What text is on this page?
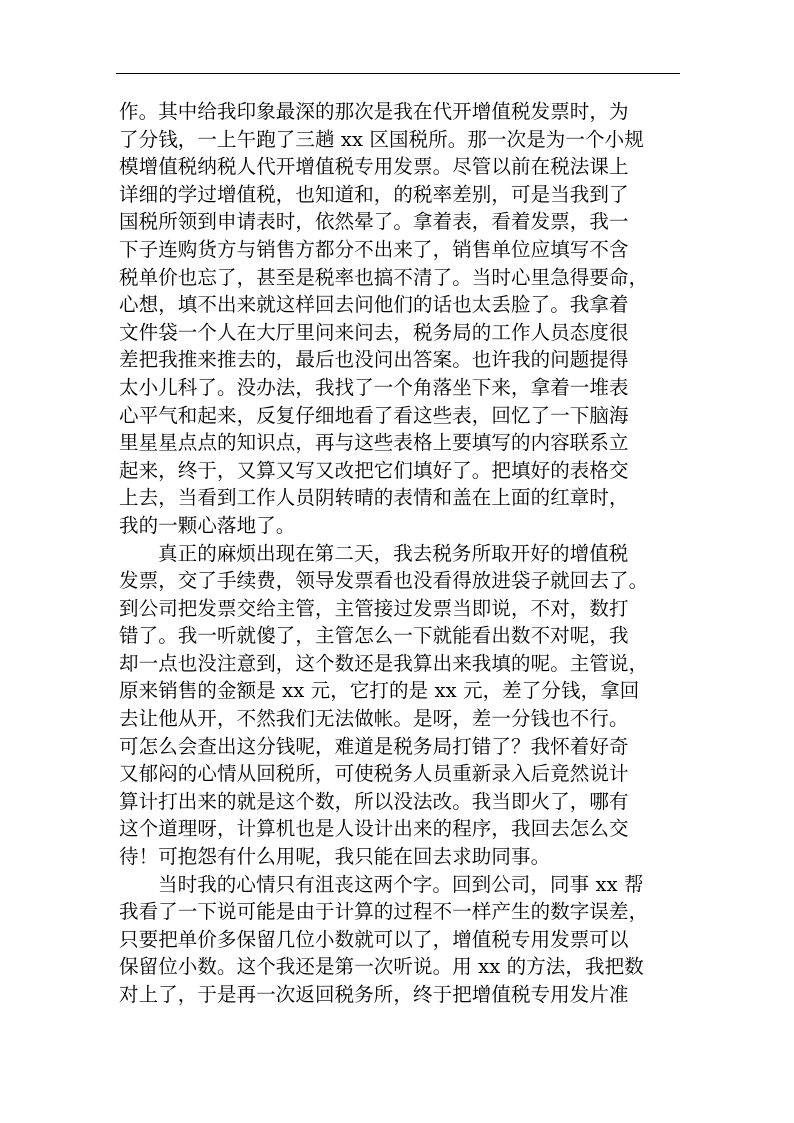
作。其中给我印象最深的那次是我在代开增值税发票时，为
了分钱，一上午跑了三趟 xx 区国税所。那一次是为一个小规
模增值税纳税人代开增值税专用发票。尽管以前在税法课上
详细的学过增值税，也知道和，的税率差别，可是当我到了
国税所领到申请表时，依然晕了。拿着表，看着发票，我一
下子连购货方与销售方都分不出来了，销售单位应填写不含
税单价也忘了，甚至是税率也搞不清了。当时心里急得要命，
心想，填不出来就这样回去问他们的话也太丢脸了。我拿着
文件袋一个人在大厅里问来问去，税务局的工作人员态度很
差把我推来推去的，最后也没问出答案。也许我的问题提得
太小儿科了。没办法，我找了一个角落坐下来，拿着一堆表
心平气和起来，反复仔细地看了看这些表，回忆了一下脑海
里星星点点的知识点，再与这些表格上要填写的内容联系立
起来，终于，又算又写又改把它们填好了。把填好的表格交
上去，当看到工作人员阴转晴的表情和盖在上面的红章时，
我的一颗心落地了。
真正的麻烦出现在第二天，我去税务所取开好的增值税
发票，交了手续费，领导发票看也没看得放进袋子就回去了。
到公司把发票交给主管，主管接过发票当即说，不对，数打
错了。我一听就傻了，主管怎么一下就能看出数不对呢，我
却一点也没注意到，这个数还是我算出来我填的呢。主管说，
原来销售的金额是 xx 元，它打的是 xx 元，差了分钱，拿回
去让他从开，不然我们无法做帐。是呀，差一分钱也不行。
可怎么会查出这分钱呢，难道是税务局打错了？我怀着好奇
又郁闷的心情从回税所，可使税务人员重新录入后竟然说计
算计打出来的就是这个数，所以没法改。我当即火了，哪有
这个道理呀，计算机也是人设计出来的程序，我回去怎么交
待！可抱怨有什么用呢，我只能在回去求助同事。
当时我的心情只有沮丧这两个字。回到公司，同事 xx 帮
我看了一下说可能是由于计算的过程不一样产生的数字误差，
只要把单价多保留几位小数就可以了，增值税专用发票可以
保留位小数。这个我还是第一次听说。用 xx 的方法，我把数
对上了，于是再一次返回税务所，终于把增值税专用发片准
